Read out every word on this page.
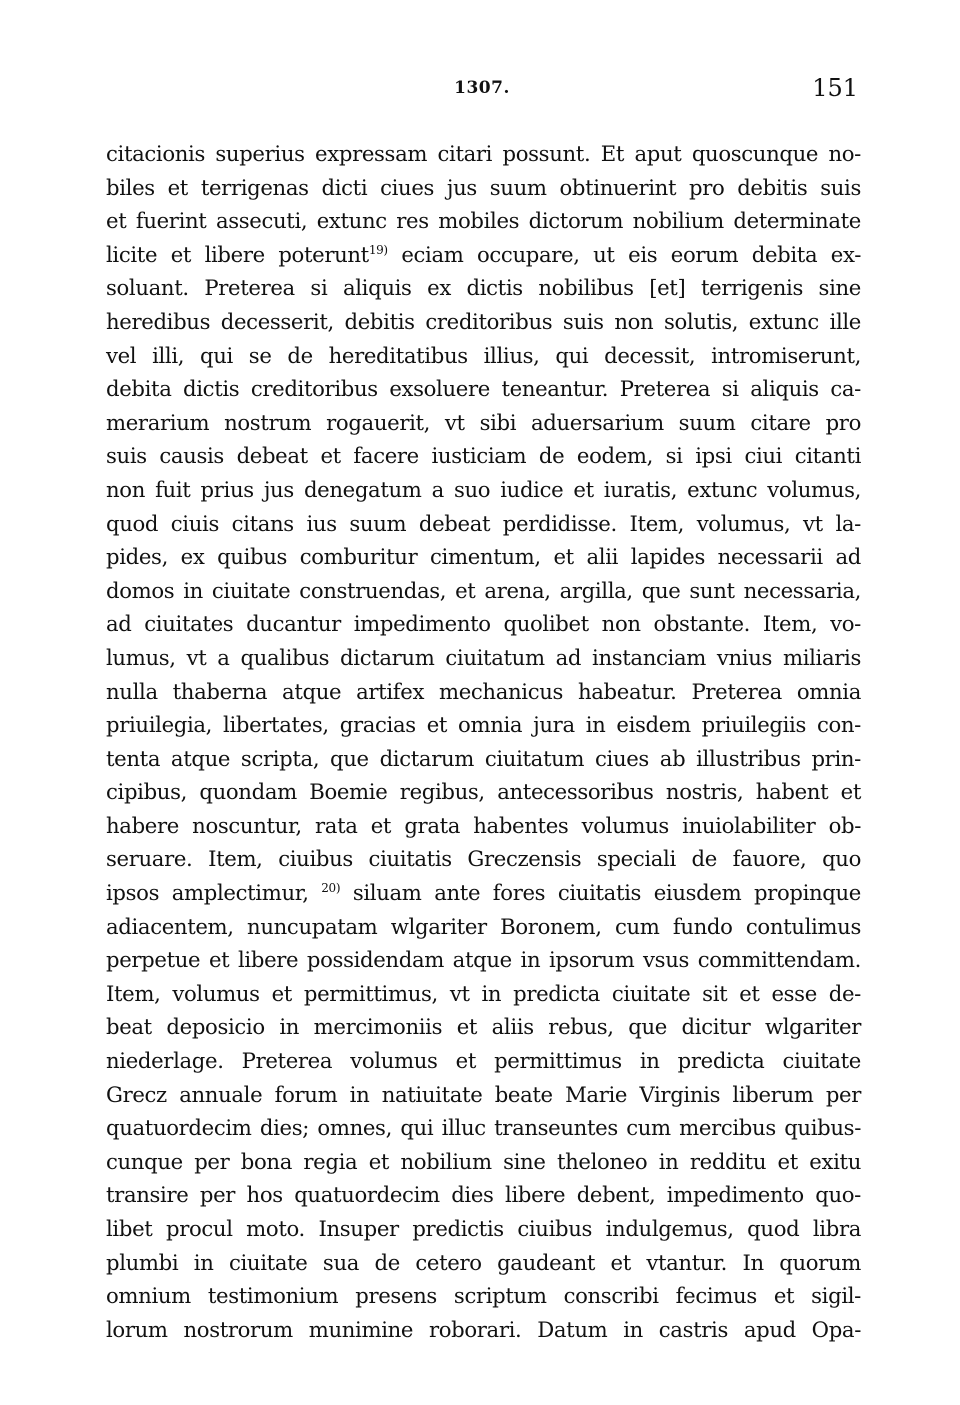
1307.	151
citacionis superius expressam citari possunt. Et aput quoscunque no-
biles et terrigenas dicti ciues jus suum obtinuerint pro debitis suis
et fuerint assecuti, extunc res mobiles dictorum nobilium determinate
licite et libere poterunt$^{19)}$ eciam occupare, ut eis eorum debita ex-
soluant. Preterea si aliquis ex dictis nobilibus [et] terrigenis sine
heredibus decesserit, debitis creditoribus suis non solutis, extunc ille
vel illi, qui se de hereditatibus illius, qui decessit, intromiserunt,
debita dictis creditoribus exsoluere teneantur. Preterea si aliquis ca-
merarium nostrum rogauerit, vt sibi aduersarium suum citare pro
suis causis debeat et facere iusticiam de eodem, si ipsi ciui citanti
non fuit prius jus denegatum a suo iudice et iuratis, extunc volumus,
quod ciuis citans ius suum debeat perdidisse. Item, volumus, vt la-
pides, ex quibus comburitur cimentum, et alii lapides necessarii ad
domos in ciuitate construendas, et arena, argilla, que sunt necessaria,
ad ciuitates ducantur impedimento quolibet non obstante. Item, vo-
lumus, vt a qualibus dictarum ciuitatum ad instanciam vnius miliaris
nulla thaberna atque artifex mechanicus habeatur. Preterea omnia
priuilegia, libertates, gracias et omnia jura in eisdem priuilegiis con-
tenta atque scripta, que dictarum ciuitatum ciues ab illustribus prin-
cipibus, quondam Boemie regibus, antecessoribus nostris, habent et
habere noscuntur, rata et grata habentes volumus inuiolabiliter ob-
seruare. Item, ciuibus ciuitatis Greczensis speciali de fauore, quo
ipsos amplectimur, $^{20)}$ siluam ante fores ciuitatis eiusdem propinque
adiacentem, nuncupatam wlgariter Boronem, cum fundo contulimus
perpetue et libere possidendam atque in ipsorum vsus committendam.
Item, volumus et permittimus, vt in predicta ciuitate sit et esse de-
beat deposicio in mercimoniis et aliis rebus, que dicitur wlgariter
niederlage. Preterea volumus et permittimus in predicta ciuitate
Grecz annuale forum in natiuitate beate Marie Virginis liberum per
quatuordecim dies; omnes, qui illuc transeuntes cum mercibus quibus-
cunque per bona regia et nobilium sine theloneo in redditu et exitu
transire per hos quatuordecim dies libere debent, impedimento quo-
libet procul moto. Insuper predictis ciuibus indulgemus, quod libra
plumbi in ciuitate sua de cetero gaudeant et vtantur. In quorum
omnium testimonium presens scriptum conscribi fecimus et sigil-
lorum nostrorum munimine roborari. Datum in castris apud Opa-
